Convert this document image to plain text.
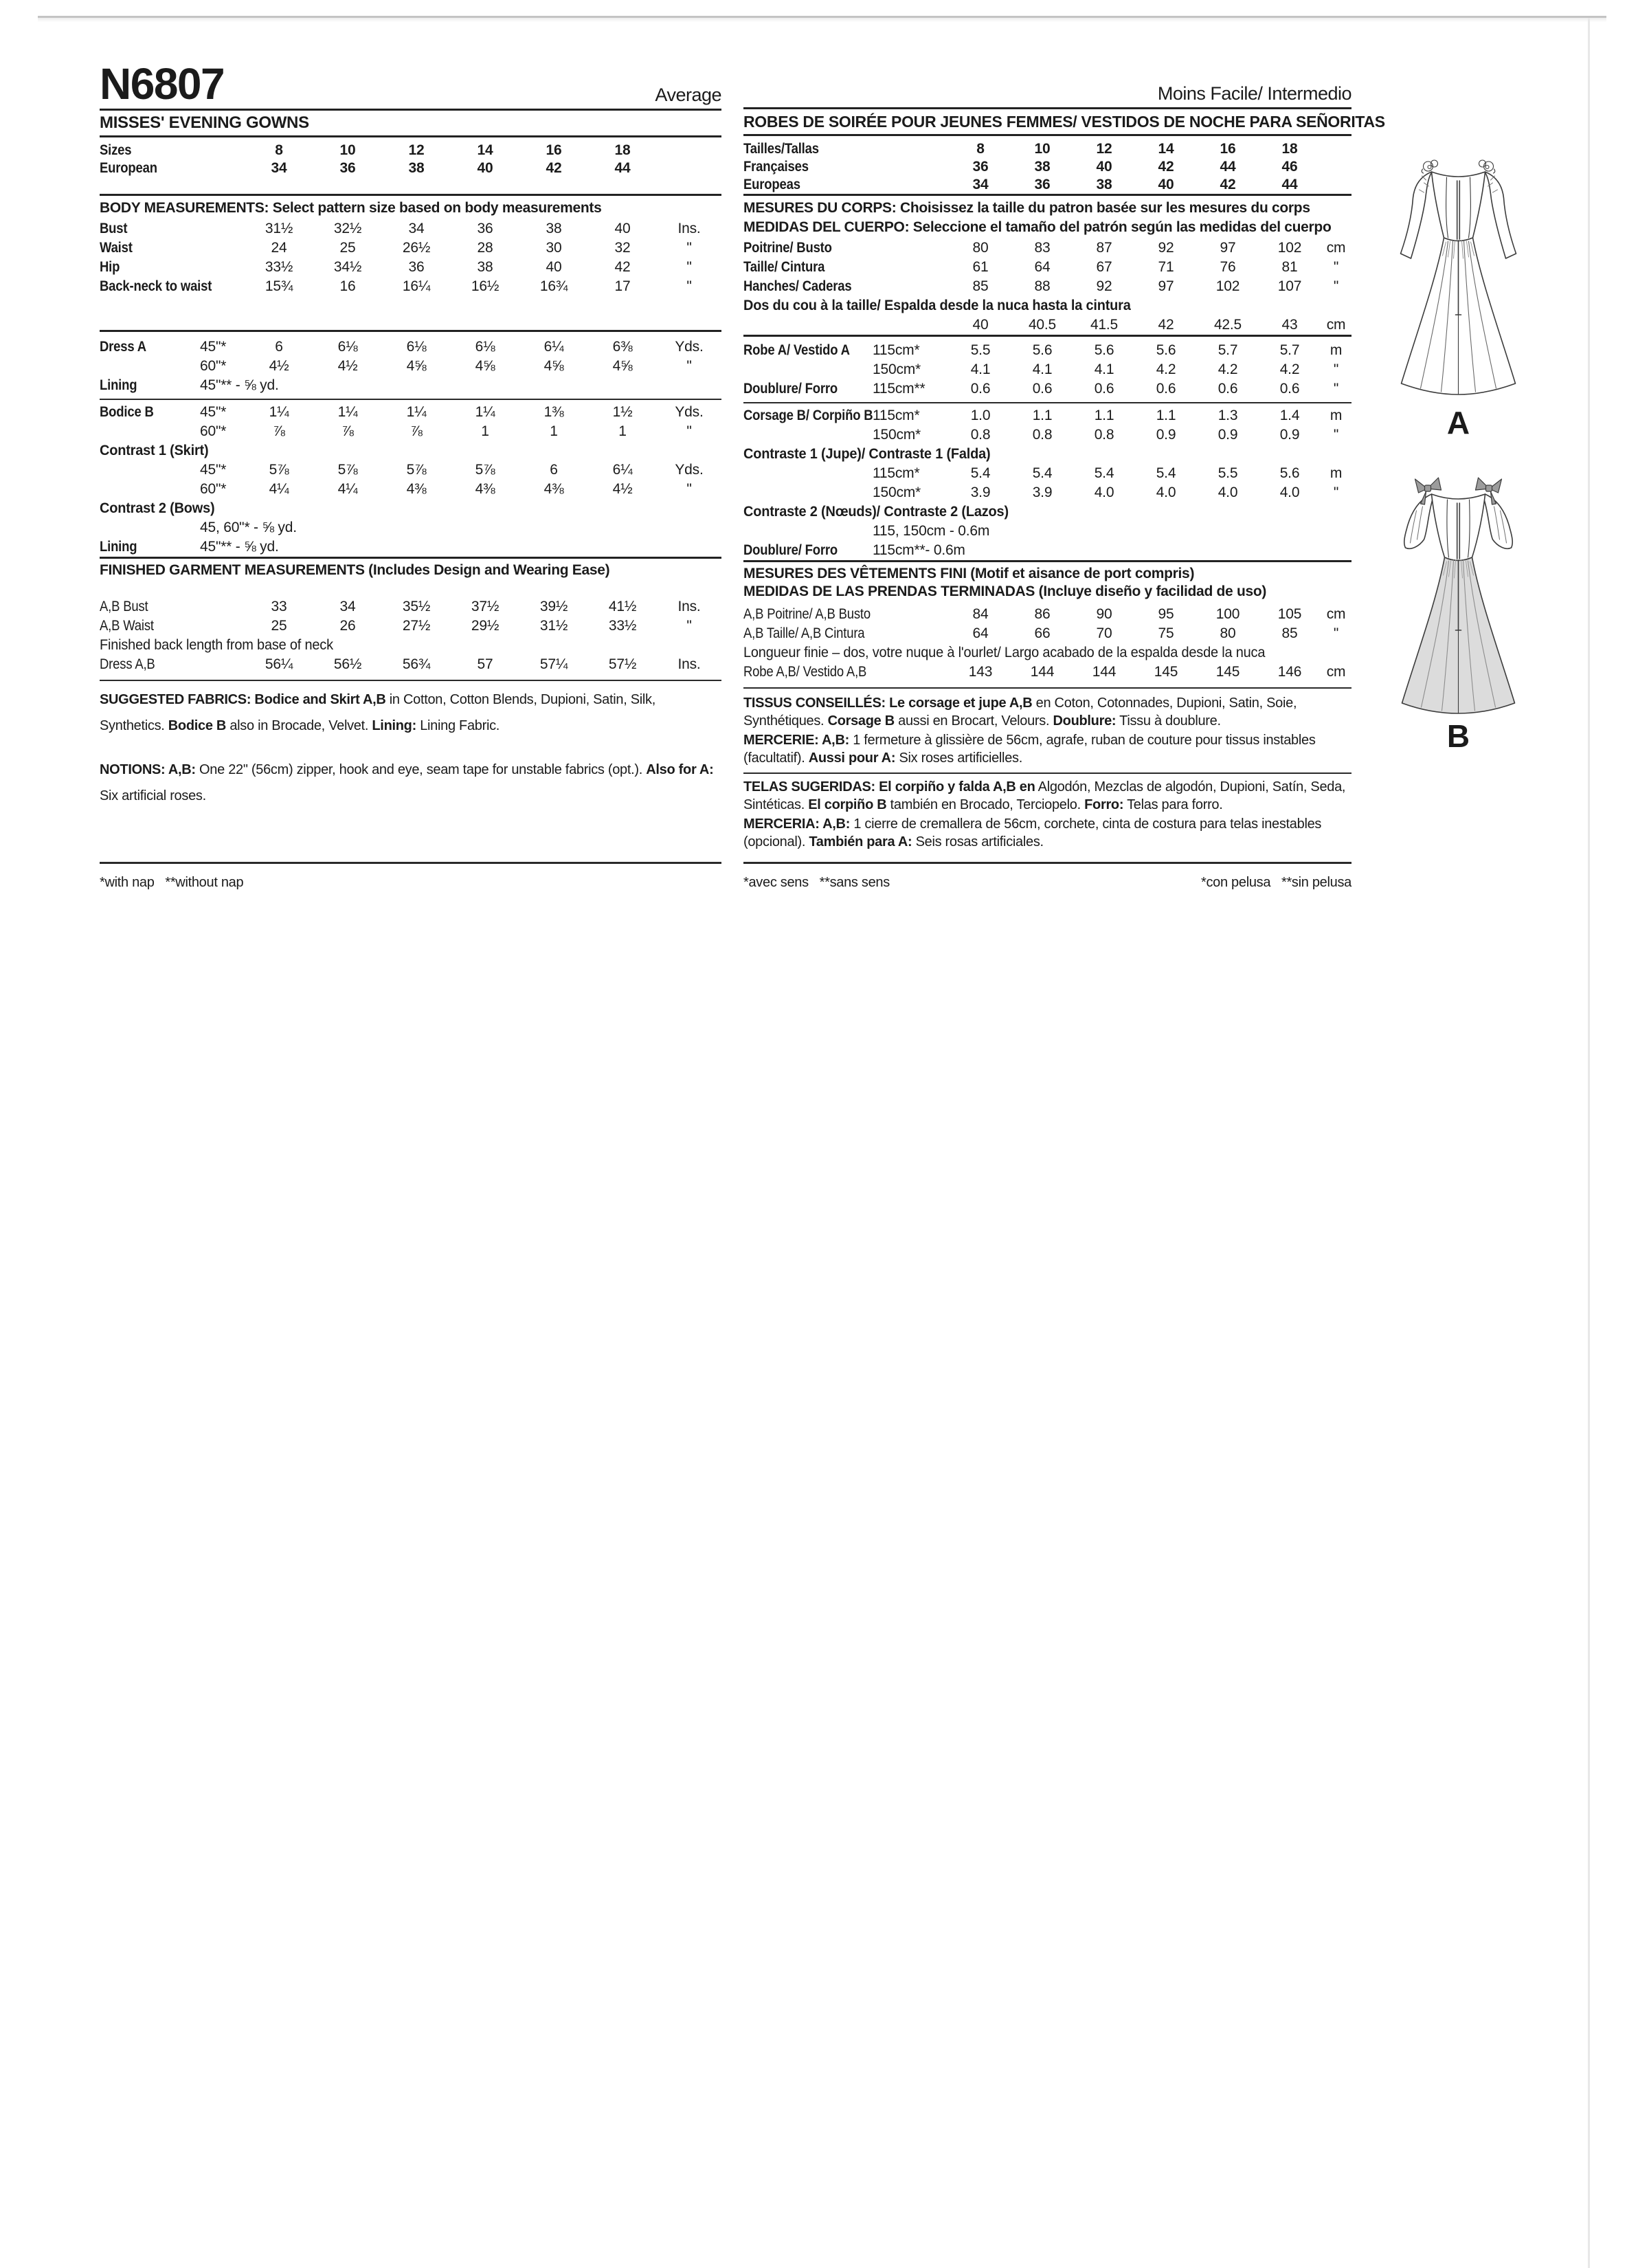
N6807	Average
MISSES' EVENING GOWNS
Sizes	8	10	12	14	16	18
European	34	36	38	40	42	44
BODY MEASUREMENTS: Select pattern size based on body measurements
Bust	31½	32½	34	36	38	40	Ins.
Waist	24	25	26½	28	30	32	"
Hip	33½	34½	36	38	40	42	"
Back-neck to waist	15¾	16	16¼	16½	16¾	17	"
Dress A	45"*	6	6⅛	6⅛	6⅛	6¼	6⅜	Yds.
60"*	4½	4½	4⅝	4⅝	4⅝	4⅝	"
Lining	45"** - ⅝ yd.
Bodice B	45"*	1¼	1¼	1¼	1¼	1⅜	1½	Yds.
60"*	⅞	⅞	⅞	1	1	1	"
Contrast 1 (Skirt)
45"*	5⅞	5⅞	5⅞	5⅞	6	6¼	Yds.
60"*	4¼	4¼	4⅜	4⅜	4⅜	4½	"
Contrast 2 (Bows)
45, 60"* - ⅝ yd.
Lining	45"** - ⅝ yd.
FINISHED GARMENT MEASUREMENTS (Includes Design and Wearing Ease)
A,B Bust	33	34	35½	37½	39½	41½	Ins.
A,B Waist	25	26	27½	29½	31½	33½	"
Finished back length from base of neck
Dress A,B	56¼	56½	56¾	57	57¼	57½	Ins.

SUGGESTED FABRICS: Bodice and Skirt A,B in Cotton, Cotton Blends, Dupioni, Satin, Silk, Synthetics. Bodice B also in Brocade, Velvet. Lining: Lining Fabric.

NOTIONS: A,B: One 22" (56cm) zipper, hook and eye, seam tape for unstable fabrics (opt.). Also for A: Six artificial roses.

Moins Facile/ Intermedio
ROBES DE SOIRÉE POUR JEUNES FEMMES/ VESTIDOS DE NOCHE PARA SEÑORITAS
Tailles/Tallas	8	10	12	14	16	18
Françaises	36	38	40	42	44	46
Europeas	34	36	38	40	42	44
MESURES DU CORPS: Choisissez la taille du patron basée sur les mesures du corps
MEDIDAS DEL CUERPO: Seleccione el tamaño del patrón según las medidas del cuerpo
Poitrine/ Busto	80	83	87	92	97	102	cm
Taille/ Cintura	61	64	67	71	76	81	"
Hanches/ Caderas	85	88	92	97	102	107	"
Dos du cou à la taille/ Espalda desde la nuca hasta la cintura
40	40.5	41.5	42	42.5	43	cm
Robe A/ Vestido A	115cm*	5.5	5.6	5.6	5.6	5.7	5.7	m
150cm*	4.1	4.1	4.1	4.2	4.2	4.2	"
Doublure/ Forro	115cm**	0.6	0.6	0.6	0.6	0.6	0.6	"
Corsage B/ Corpiño B 115cm*	1.0	1.1	1.1	1.1	1.3	1.4	m
150cm*	0.8	0.8	0.8	0.9	0.9	0.9	"
Contraste 1 (Jupe)/ Contraste 1 (Falda)
115cm*	5.4	5.4	5.4	5.4	5.5	5.6	m
150cm*	3.9	3.9	4.0	4.0	4.0	4.0	"
Contraste 2 (Nœuds)/ Contraste 2 (Lazos)
115, 150cm - 0.6m
Doublure/ Forro	115cm**- 0.6m
MESURES DES VÊTEMENTS FINI (Motif et aisance de port compris)
MEDIDAS DE LAS PRENDAS TERMINADAS (Incluye diseño y facilidad de uso)
A,B Poitrine/ A,B Busto	84	86	90	95	100	105	cm
A,B Taille/ A,B Cintura	64	66	70	75	80	85	"
Longueur finie – dos, votre nuque à l'ourlet/ Largo acabado de la espalda desde la nuca
Robe A,B/ Vestido A,B	143	144	144	145	145	146	cm

TISSUS CONSEILLÉS: Le corsage et jupe A,B en Coton, Cotonnades, Dupioni, Satin, Soie, Synthétiques. Corsage B aussi en Brocart, Velours. Doublure: Tissu à doublure.

MERCERIE: A,B: 1 fermeture à glissière de 56cm, agrafe, ruban de couture pour tissus instables (facultatif). Aussi pour A: Six roses artificielles.

TELAS SUGERIDAS: El corpiño y falda A,B en Algodón, Mezclas de algodón, Dupioni, Satín, Seda, Sintéticas. El corpiño B también en Brocado, Terciopelo. Forro: Telas para forro.

MERCERIA: A,B: 1 cierre de cremallera de 56cm, corchete, cinta de costura para telas inestables (opcional). También para A: Seis rosas artificiales.

*with nap   **without nap	*avec sens   **sans sens	*con pelusa   **sin pelusa
A
B
